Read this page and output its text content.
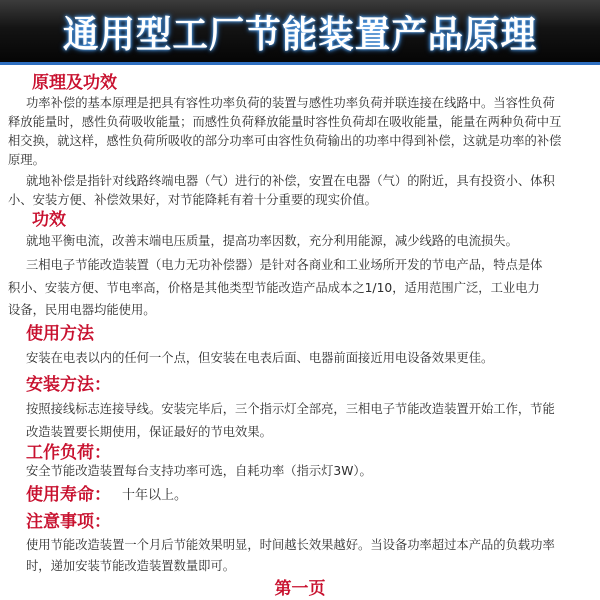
通用型工厂节能装置产品原理
原理及功效
功率补偿的基本原理是把具有容性功率负荷的装置与感性功率负荷并联连接在线路中。当容性负荷
释放能量时，感性负荷吸收能量；而感性负荷释放能量时容性负荷却在吸收能量，能量在两种负荷中互
相交换，就这样，感性负荷所吸收的部分功率可由容性负荷输出的功率中得到补偿，这就是功率的补偿
原理。
就地补偿是指针对线路终端电器（气）进行的补偿，安置在电器（气）的附近，具有投资小、体积
小、安装方便、补偿效果好，对节能降耗有着十分重要的现实价值。
功效
就地平衡电流，改善末端电压质量，提高功率因数，充分利用能源，减少线路的电流损失。
三相电子节能改造装置（电力无功补偿器）是针对各商业和工业场所开发的节电产品，特点是体
积小、安装方便、节电率高，价格是其他类型节能改造产品成本之1/10，适用范围广泛，工业电力
设备，民用电器均能使用。
使用方法
安装在电表以内的任何一个点，但安装在电表后面、电器前面接近用电设备效果更佳。
安装方法：
按照接线标志连接导线。安装完毕后，三个指示灯全部亮，三相电子节能改造装置开始工作，节能
改造装置要长期使用，保证最好的节电效果。
工作负荷：
安全节能改造装置每台支持功率可选，自耗功率（指示灯3W）。
使用寿命： 十年以上。
注意事项：
使用节能改造装置一个月后节能效果明显，时间越长效果越好。当设备功率超过本产品的负载功率
时，递加安装节能改造装置数量即可。
第一页
